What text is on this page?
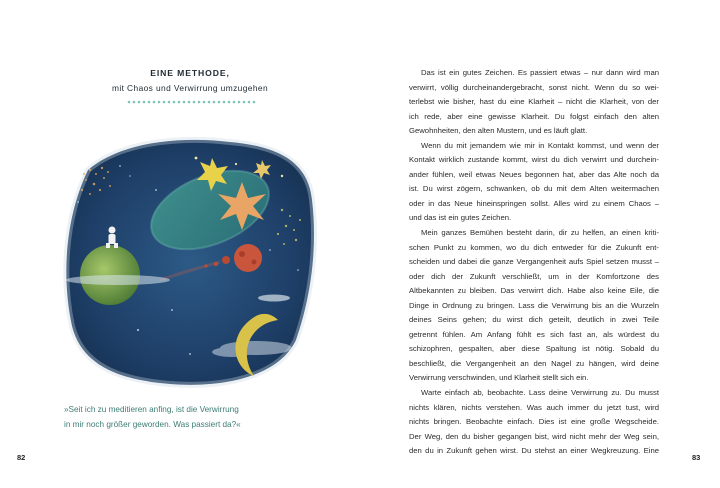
EINE METHODE,
mit Chaos und Verwirrung umzugehen
»Seit ich zu meditieren anfing, ist die Verwirrung
in mir noch größer geworden. Was passiert da?«
82
Das ist ein gutes Zeichen. Es passiert etwas – nur dann wird man
verwirrt, völlig durcheinandergebracht, sonst nicht. Wenn du so wei-
terlebst wie bisher, hast du eine Klarheit – nicht die Klarheit, von der
ich rede, aber eine gewisse Klarheit. Du folgst einfach den alten
Gewohnheiten, den alten Mustern, und es läuft glatt.
Wenn du mit jemandem wie mir in Kontakt kommst, und wenn der
Kontakt wirklich zustande kommt, wirst du dich verwirrt und durchein-
ander fühlen, weil etwas Neues begonnen hat, aber das Alte noch da
ist. Du wirst zögern, schwanken, ob du mit dem Alten weitermachen
oder in das Neue hineinspringen sollst. Alles wird zu einem Chaos –
und das ist ein gutes Zeichen.
Mein ganzes Bemühen besteht darin, dir zu helfen, an einen kriti-
schen Punkt zu kommen, wo du dich entweder für die Zukunft ent-
scheiden und dabei die ganze Vergangenheit aufs Spiel setzen musst –
oder dich der Zukunft verschließt, um in der Komfortzone des
Altbekannten zu bleiben. Das verwirrt dich. Habe also keine Eile, die
Dinge in Ordnung zu bringen. Lass die Verwirrung bis an die Wurzeln
deines Seins gehen; du wirst dich geteilt, deutlich in zwei Teile
getrennt fühlen. Am Anfang fühlt es sich fast an, als würdest du
schizophren, gespalten, aber diese Spaltung ist nötig. Sobald du
beschließt, die Vergangenheit an den Nagel zu hängen, wird deine
Verwirrung verschwinden, und Klarheit stellt sich ein.
Warte einfach ab, beobachte. Lass deine Verwirrung zu. Du musst
nichts klären, nichts verstehen. Was auch immer du jetzt tust, wird
nichts bringen. Beobachte einfach. Dies ist eine große Wegscheide.
Der Weg, den du bisher gegangen bist, wird nicht mehr der Weg sein,
den du in Zukunft gehen wirst. Du stehst an einer Wegkreuzung. Eine
83
